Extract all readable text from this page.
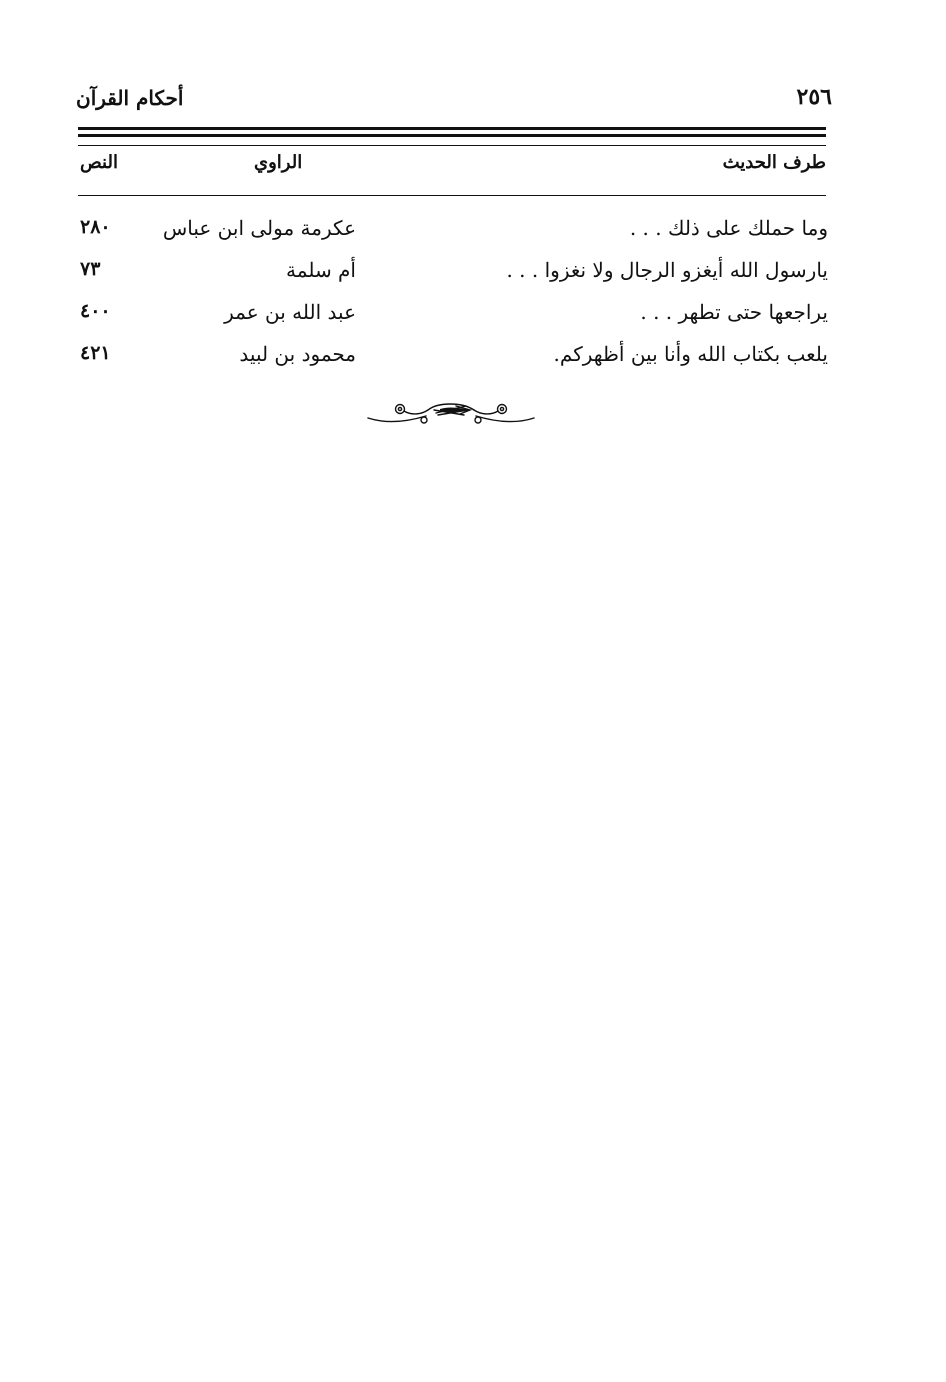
٢٥٦
أحكام القرآن
طرف الحديث
الراوي
النص
وما حملك على ذلك . . .
عكرمة مولى ابن عباس
٢٨٠
يارسول الله أيغزو الرجال ولا نغزوا . . .
أم سلمة
٧٣
يراجعها حتى تطهر . . .
عبد الله بن عمر
٤٠٠
يلعب بكتاب الله وأنا بين أظهركم.
محمود بن لبيد
٤٢١
